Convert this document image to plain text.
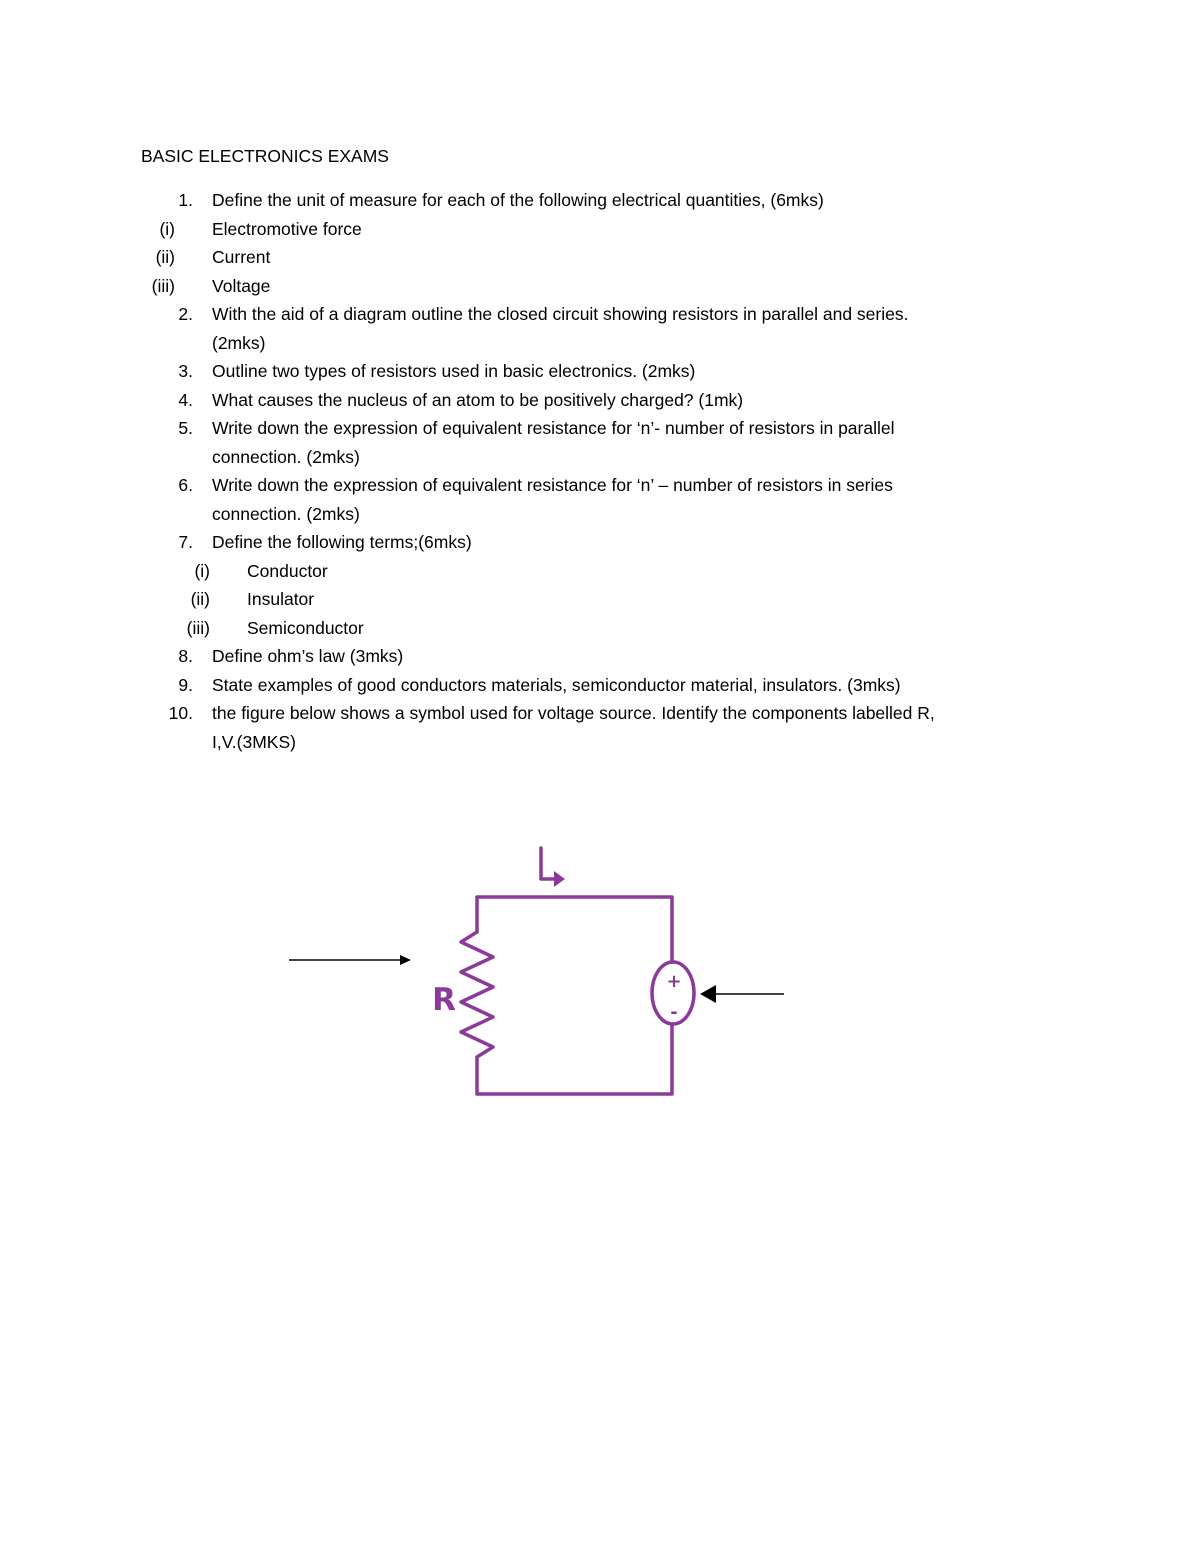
BASIC ELECTRONICS EXAMS
1. Define the unit of measure for each of the following electrical quantities, (6mks)
(i) Electromotive force
(ii) Current
(iii) Voltage
2. With the aid of a diagram outline the closed circuit showing resistors in parallel and series.
(2mks)
3. Outline two types of resistors used in basic electronics. (2mks)
4. What causes the nucleus of an atom to be positively charged? (1mk)
5. Write down the expression of equivalent resistance for ‘n’- number of resistors in parallel
connection. (2mks)
6. Write down the expression of equivalent resistance for ‘n’ – number of resistors in series
connection. (2mks)
7. Define the following terms;(6mks)
(i) Conductor
(ii) Insulator
(iii) Semiconductor
8. Define ohm’s law (3mks)
9. State examples of good conductors materials, semiconductor material, insulators. (3mks)
10. the figure below shows a symbol used for voltage source. Identify the components labelled R,
I,V.(3MKS)
+
-
R
